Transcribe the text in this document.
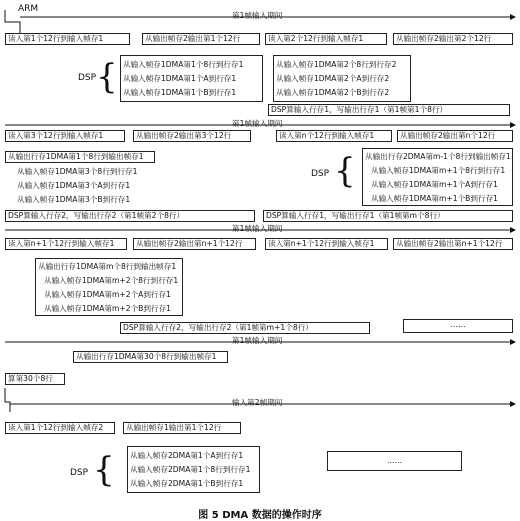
ARM
第1帧输入期间
读入第1个12行到输入帧存1	从输出帧存2输出第1个12行	读入第2个12行到输入帧存1	从输出帧存2输出第2个12行
DSP { 从输入帧存1DMA第1个8行到行存1
从输入帧存1DMA第1个A到行存1
从输入帧存1DMA第1个B到行存1
从输入帧存1DMA第2个8行到行存2
从输入帧存1DMA第2个A到行存2
从输入帧存1DMA第2个B到行存2
DSP算输入行存1，写输出行存1（第1帧第1个8行）
第1帧输入期间
读入第3个12行到输入帧存1	从输出帧存2输出第3个12行	读入第n个12行到输入帧存1	从输出帧存2输出第n个12行
从输出行存1DMA第1个8行到输出帧存1
从输入帧存1DMA第3个8行到行存1
从输入帧存1DMA第3个A到行存1
从输入帧存1DMA第3个B到行存1
DSP { 从输出行存2DMA第m-1个8行到输出帧存1
从输入帧存1DMA第m+1个8行到行存1
从输入帧存1DMA第m+1个A到行存1
从输入帧存1DMA第m+1个B到行存1
DSP算输入行存2，写输出行存2（第1帧第2个8行）	DSP算输入行存1，写输出行存1（第1帧第m个8行）
第1帧输入期间
读入第n+1个12行到输入帧存1	从输出帧存2输出第n+1个12行	读入第n+1个12行到输入帧存1	从输出帧存2输出第n+1个12行
从输出行存1DMA第m个8行到输出帧存1
从输入帧存1DMA第m+2个8行到行存1
从输入帧存1DMA第m+2个A到行存1
从输入帧存1DMA第m+2个B到行存1
DSP算输入行存2，写输出行存2（第1帧第m+1个8行）	……
第1帧输入期间
从输出行存1DMA第30个8行到输出帧存1
算第30个8行
输入第2帧期间
读入第1个12行到输入帧存2	从输出帧存1输出第1个12行
DSP { 从输入帧存2DMA第1个A到行存1
从输入帧存2DMA第1个8行到行存1
从输入帧存2DMA第1个B到行存1
……
图 5 DMA 数据的操作时序
